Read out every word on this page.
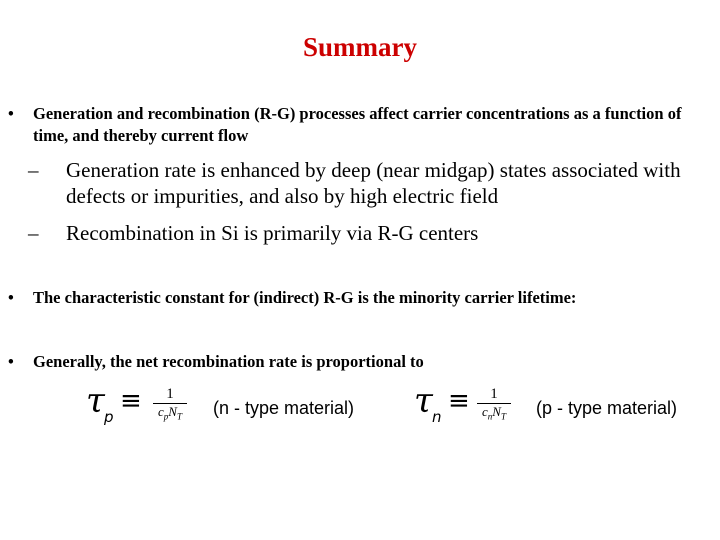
Summary
• Generation and recombination (R-G) processes affect carrier concentrations as a function of time, and thereby current flow
– Generation rate is enhanced by deep (near midgap) states associated with defects or impurities, and also by high electric field
– Recombination in Si is primarily via R-G centers
• The characteristic constant for (indirect) R-G is the minority carrier lifetime:
• Generally, the net recombination rate is proportional to
τ p
≡	1
$c_pN_T$	(n - type material) τ n
≡	1
$c_nN_T$	(p - type material)
